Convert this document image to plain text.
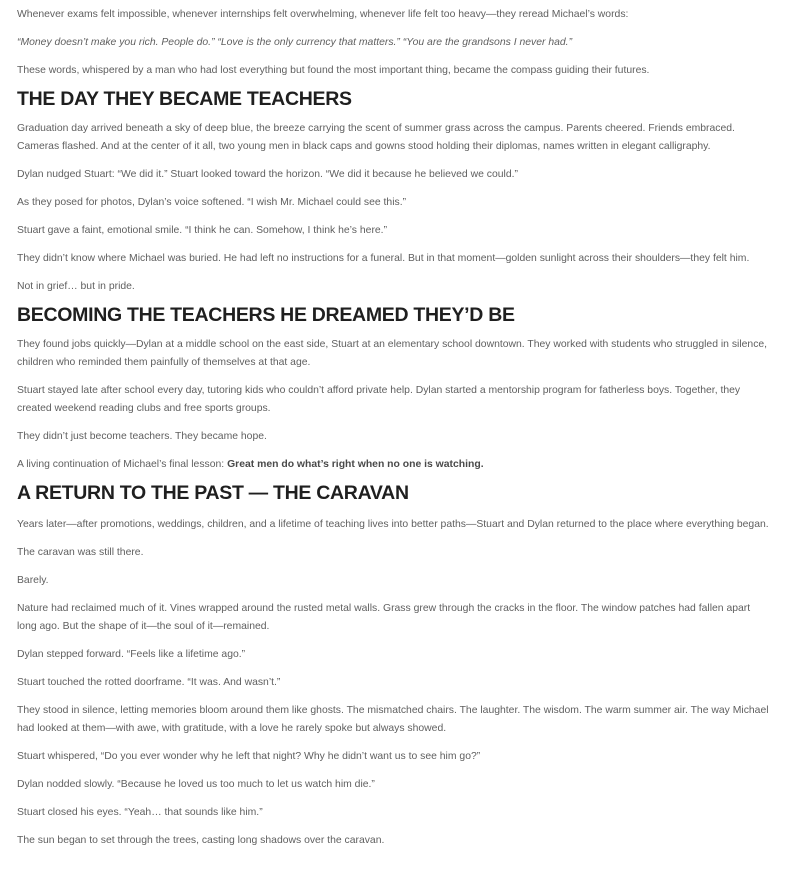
Whenever exams felt impossible, whenever internships felt overwhelming, whenever life felt too heavy—they reread Michael’s words:

“Money doesn’t make you rich. People do.” “Love is the only currency that matters.” “You are the grandsons I never had.”

These words, whispered by a man who had lost everything but found the most important thing, became the compass guiding their futures.

THE DAY THEY BECAME TEACHERS

Graduation day arrived beneath a sky of deep blue, the breeze carrying the scent of summer grass across the campus. Parents cheered. Friends embraced. Cameras flashed. And at the center of it all, two young men in black caps and gowns stood holding their diplomas, names written in elegant calligraphy.

Dylan nudged Stuart: “We did it.” Stuart looked toward the horizon. “We did it because he believed we could.”

As they posed for photos, Dylan’s voice softened. “I wish Mr. Michael could see this.”

Stuart gave a faint, emotional smile. “I think he can. Somehow, I think he’s here.”

They didn’t know where Michael was buried. He had left no instructions for a funeral. But in that moment—golden sunlight across their shoulders—they felt him.

Not in grief… but in pride.

BECOMING THE TEACHERS HE DREAMED THEY’D BE

They found jobs quickly—Dylan at a middle school on the east side, Stuart at an elementary school downtown. They worked with students who struggled in silence, children who reminded them painfully of themselves at that age.

Stuart stayed late after school every day, tutoring kids who couldn’t afford private help. Dylan started a mentorship program for fatherless boys. Together, they created weekend reading clubs and free sports groups.

They didn’t just become teachers. They became hope.

A living continuation of Michael’s final lesson: Great men do what’s right when no one is watching.

A RETURN TO THE PAST — THE CARAVAN

Years later—after promotions, weddings, children, and a lifetime of teaching lives into better paths—Stuart and Dylan returned to the place where everything began.

The caravan was still there.

Barely.

Nature had reclaimed much of it. Vines wrapped around the rusted metal walls. Grass grew through the cracks in the floor. The window patches had fallen apart long ago. But the shape of it—the soul of it—remained.

Dylan stepped forward. “Feels like a lifetime ago.”

Stuart touched the rotted doorframe. “It was. And wasn’t.”

They stood in silence, letting memories bloom around them like ghosts. The mismatched chairs. The laughter. The wisdom. The warm summer air. The way Michael had looked at them—with awe, with gratitude, with a love he rarely spoke but always showed.

Stuart whispered, “Do you ever wonder why he left that night? Why he didn’t want us to see him go?”

Dylan nodded slowly. “Because he loved us too much to let us watch him die.”

Stuart closed his eyes. “Yeah… that sounds like him.”

The sun began to set through the trees, casting long shadows over the caravan.
